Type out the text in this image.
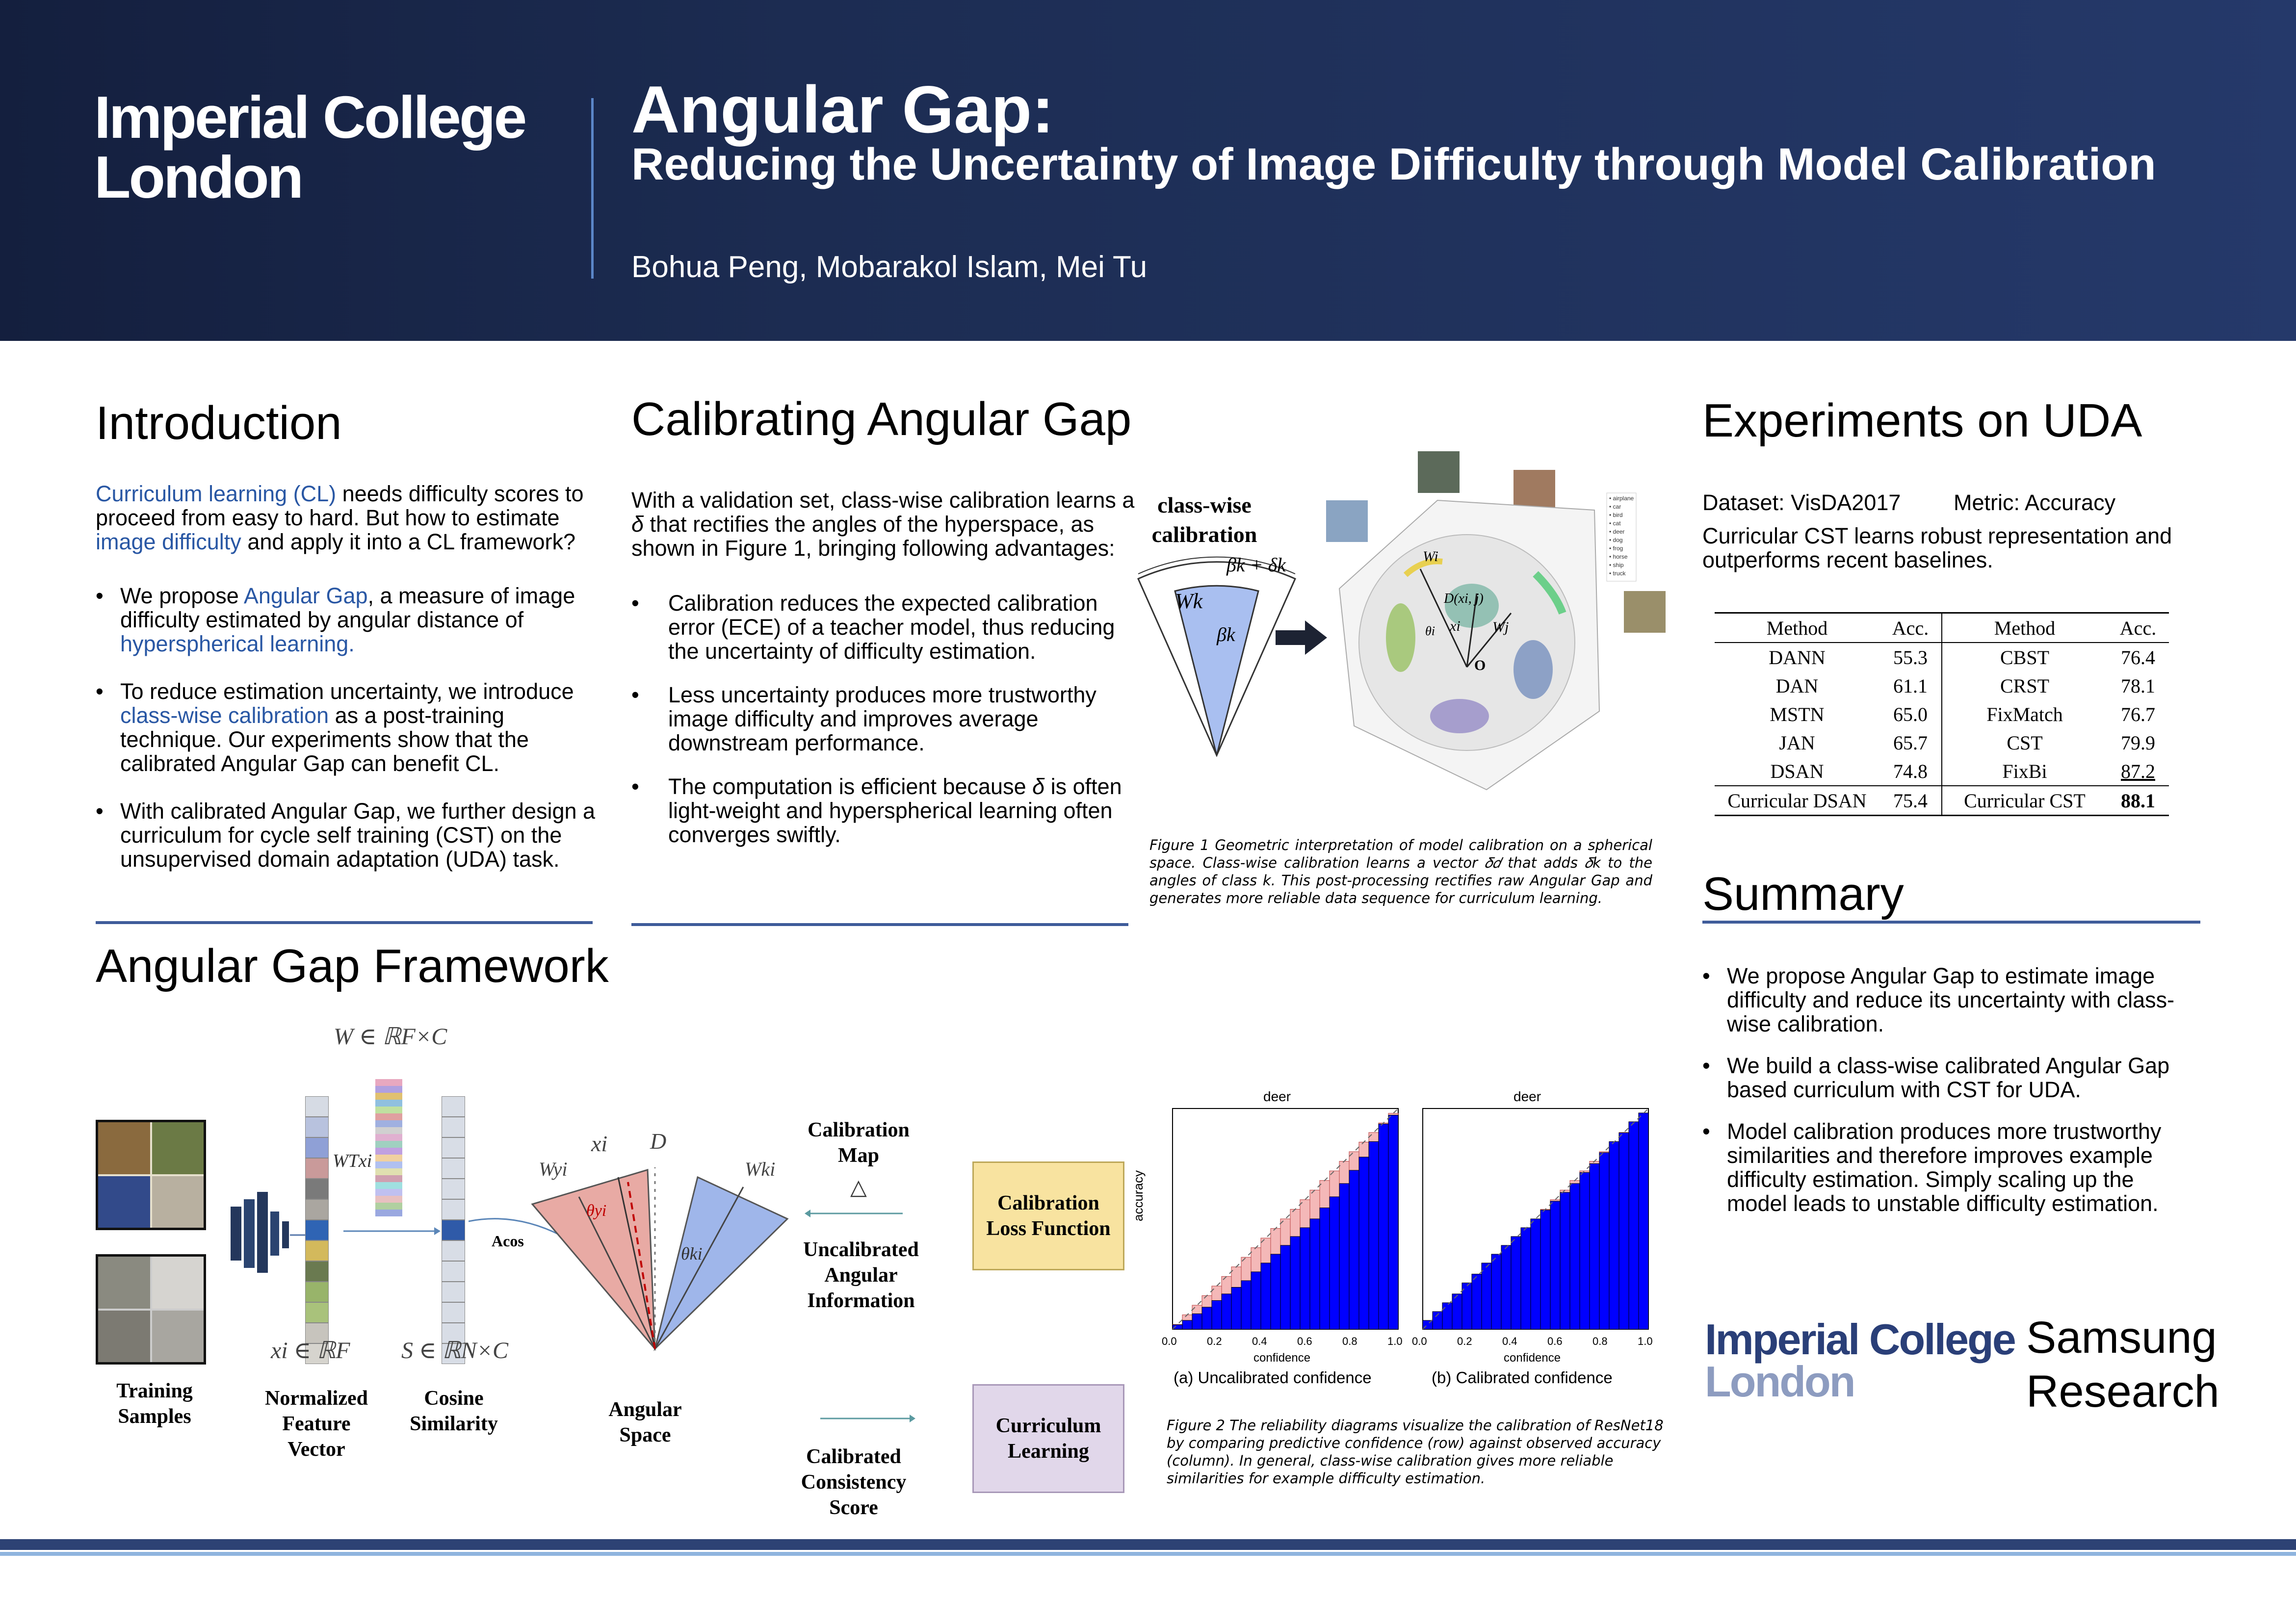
Imperial College
London
Angular Gap:
Reducing the Uncertainty of Image Difficulty through Model Calibration
Bohua Peng, Mobarakol Islam, Mei Tu
Introduction
Curriculum learning (CL) needs difficulty scores to proceed from easy to hard. But how to estimate image difficulty and apply it into a CL framework?
• We propose Angular Gap, a measure of image difficulty estimated by angular distance of hyperspherical learning.
• To reduce estimation uncertainty, we introduce class-wise calibration as a post-training technique. Our experiments show that the calibrated Angular Gap can benefit CL.
• With calibrated Angular Gap, we further design a curriculum for cycle self training (CST) on the unsupervised domain adaptation (UDA) task.
Calibrating Angular Gap
With a validation set, class-wise calibration learns a δ that rectifies the angles of the hyperspace, as shown in Figure 1, bringing following advantages:
• Calibration reduces the expected calibration error (ECE) of a teacher model, thus reducing the uncertainty of difficulty estimation.
• Less uncertainty produces more trustworthy image difficulty and improves average downstream performance.
• The computation is efficient because δ is often light-weight and hyperspherical learning often converges swiftly.
class-wise calibration
βk + δk
Wk
βk
Wi
D(xi, j)
xi Wj
θi
O
• airplane
• car
• bird
• cat
• deer
• dog
• frog
• horse
• ship
• truck
Figure 1 Geometric interpretation of model calibration on a spherical space. Class-wise calibration learns a vector 𝛿𝑑 that adds 𝛿k to the angles of class k. This post-processing rectifies raw Angular Gap and generates more reliable data sequence for curriculum learning.
Angular Gap Framework
W ∈ ℝF×C
WTxi
Acos
xi ∈ ℝF S ∈ ℝN×C
Training Samples
Normalized Feature Vector
Cosine Similarity
Wyi	Wki
xi D
θyi
θki
Angular Space
Calibration Map
△
Uncalibrated Angular Information
Calibrated Consistency Score
Calibration Loss Function
Curriculum Learning
deer	deer
accuracy
0.0	0.2	0.4	0.6	0.8	1.0 0.0	0.2	0.4	0.6	0.8	1.0
confidence	confidence
(a) Uncalibrated confidence	(b) Calibrated confidence
Figure 2 The reliability diagrams visualize the calibration of ResNet18 by comparing predictive confidence (row) against observed accuracy (column). In general, class-wise calibration gives more reliable similarities for example difficulty estimation.
Experiments on UDA
Dataset: VisDA2017 Metric: Accuracy
Curricular CST learns robust representation and outperforms recent baselines.
Method	Acc.	Method	Acc.
DANN	55.3	CBST	76.4
DAN	61.1	CRST	78.1
MSTN	65.0	FixMatch	76.7
JAN	65.7	CST	79.9
DSAN	74.8	FixBi	87.2
Curricular DSAN	75.4	Curricular CST	88.1
Summary
• We propose Angular Gap to estimate image difficulty and reduce its uncertainty with class-wise calibration.
• We build a class-wise calibrated Angular Gap based curriculum with CST for UDA.
• Model calibration produces more trustworthy similarities and therefore improves example difficulty estimation. Simply scaling up the model leads to unstable difficulty estimation.
Imperial College
London
Samsung
Research
